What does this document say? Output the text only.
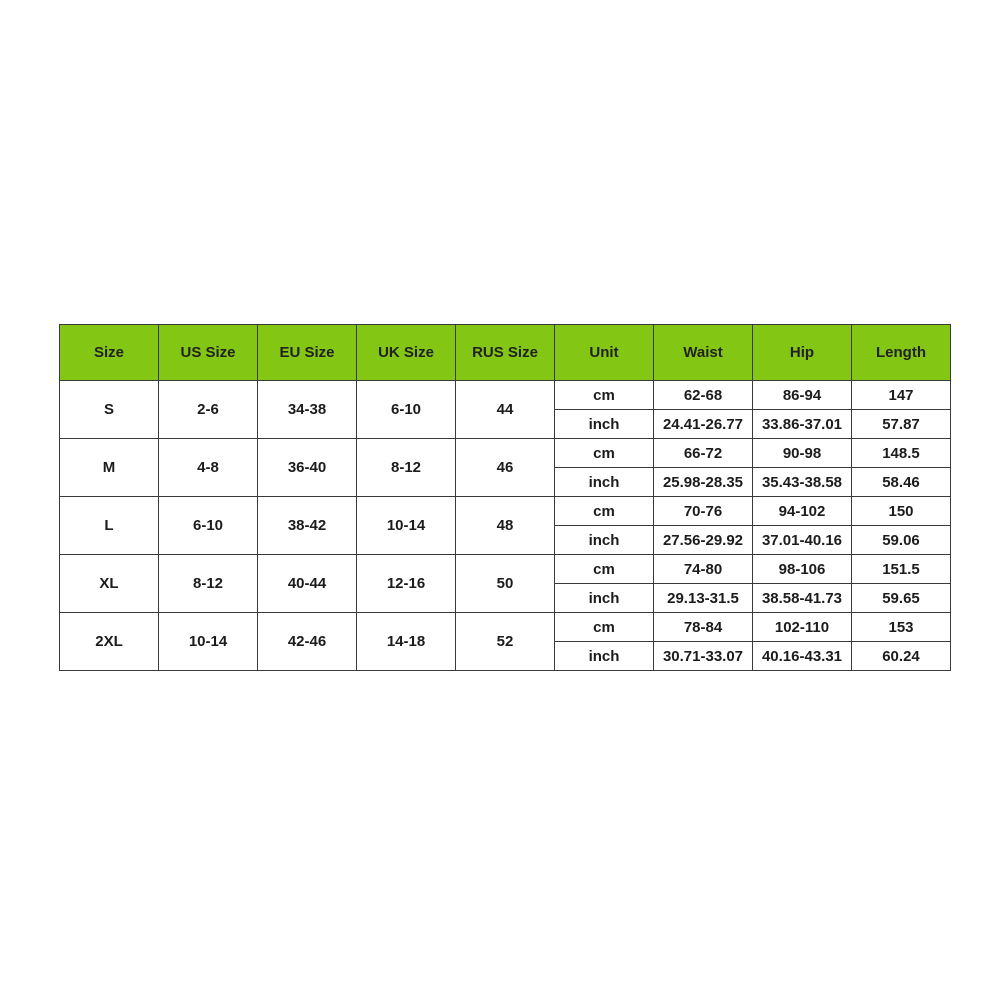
Size	US Size	EU Size	UK Size	RUS Size	Unit	Waist	Hip	Length
S	2-6	34-38	6-10	44	cm	62-68	86-94	147
					inch	24.41-26.77	33.86-37.01	57.87
M	4-8	36-40	8-12	46	cm	66-72	90-98	148.5
					inch	25.98-28.35	35.43-38.58	58.46
L	6-10	38-42	10-14	48	cm	70-76	94-102	150
					inch	27.56-29.92	37.01-40.16	59.06
XL	8-12	40-44	12-16	50	cm	74-80	98-106	151.5
					inch	29.13-31.5	38.58-41.73	59.65
2XL	10-14	42-46	14-18	52	cm	78-84	102-110	153
					inch	30.71-33.07	40.16-43.31	60.24
